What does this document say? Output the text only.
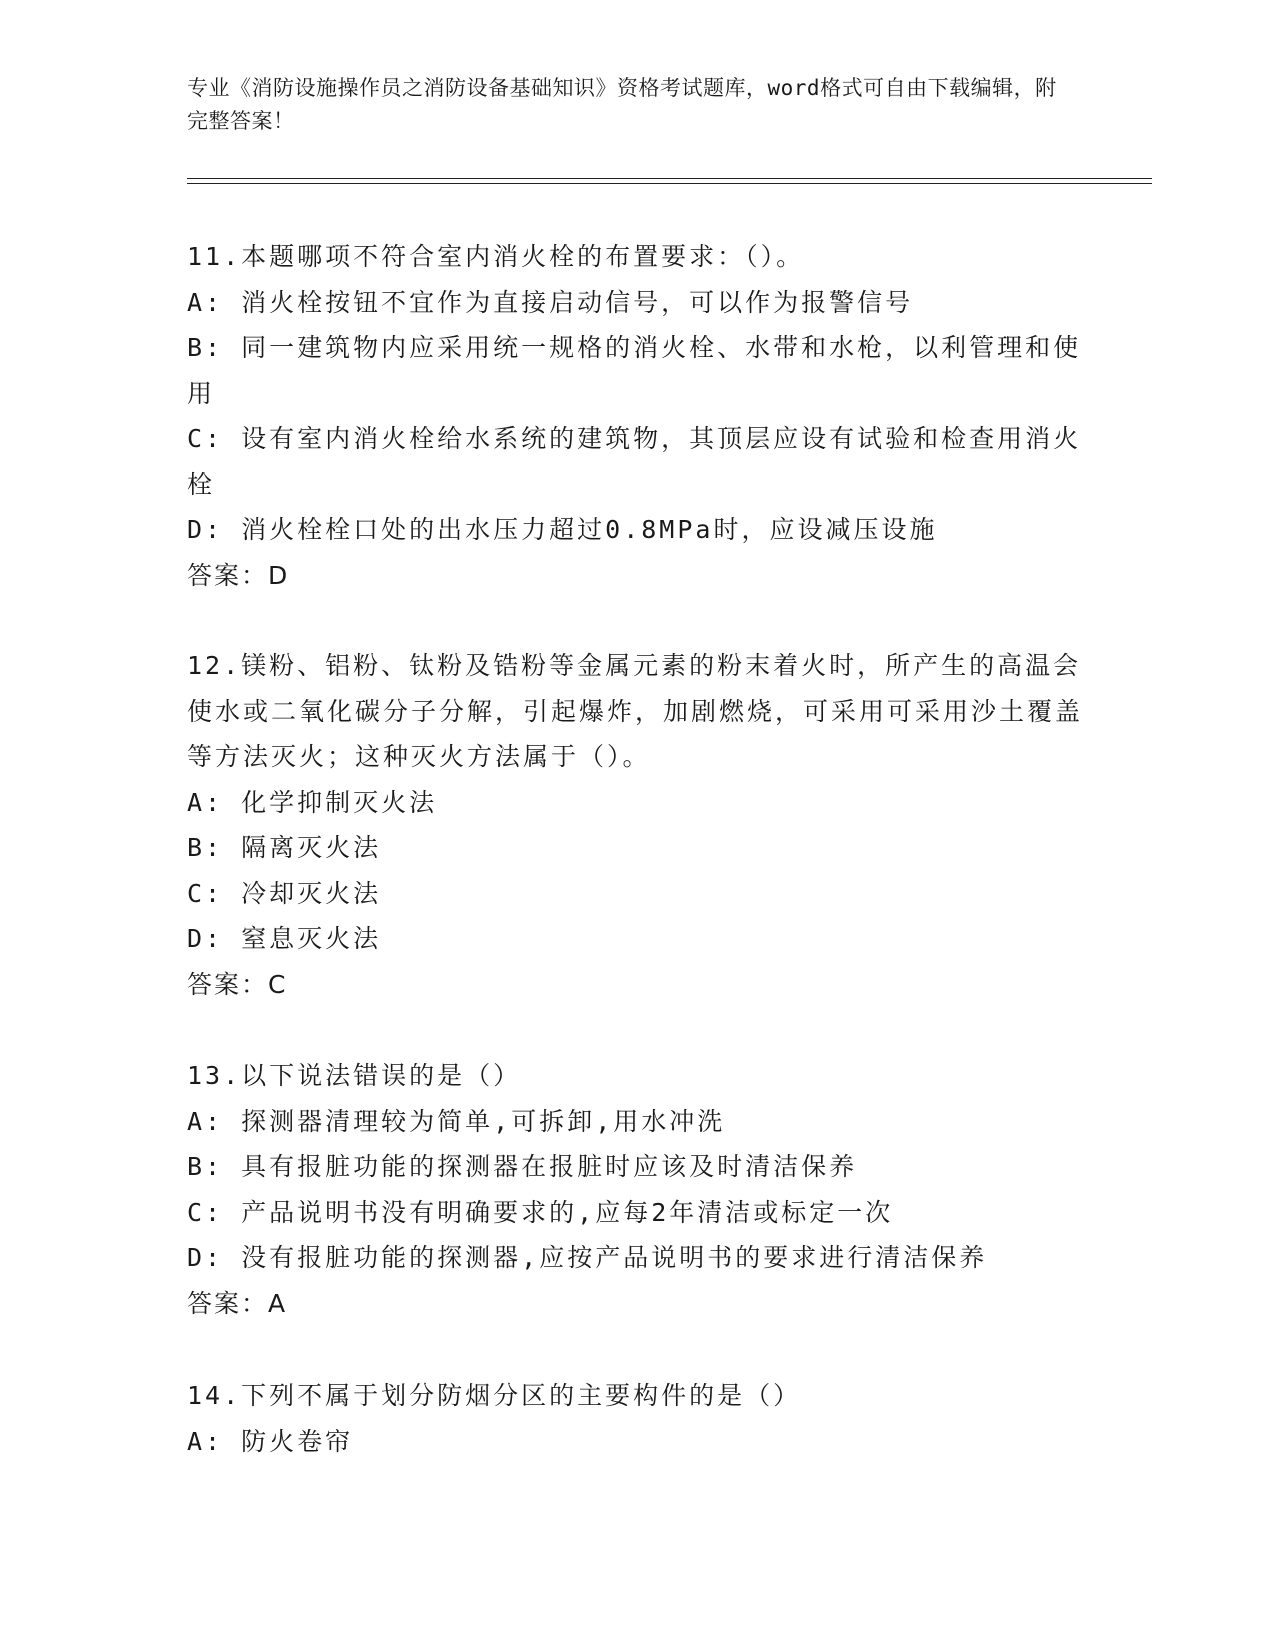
专业《消防设施操作员之消防设备基础知识》资格考试题库，word格式可自由下载编辑，附完整答案！

11.本题哪项不符合室内消火栓的布置要求：（）。

A: 消火栓按钮不宜作为直接启动信号，可以作为报警信号

B: 同一建筑物内应采用统一规格的消火栓、水带和水枪，以利管理和使用

C: 设有室内消火栓给水系统的建筑物，其顶层应设有试验和检查用消火栓

D: 消火栓栓口处的出水压力超过0.8MPa时，应设减压设施

答案：D

12.镁粉、铝粉、钛粉及锆粉等金属元素的粉末着火时，所产生的高温会使水或二氧化碳分子分解，引起爆炸，加剧燃烧，可采用可采用沙土覆盖等方法灭火；这种灭火方法属于（）。

A: 化学抑制灭火法

B: 隔离灭火法

C: 冷却灭火法

D: 窒息灭火法

答案：C

13.以下说法错误的是（）

A: 探测器清理较为简单,可拆卸,用水冲洗

B: 具有报脏功能的探测器在报脏时应该及时清洁保养

C: 产品说明书没有明确要求的,应每2年清洁或标定一次

D: 没有报脏功能的探测器,应按产品说明书的要求进行清洁保养

答案：A

14.下列不属于划分防烟分区的主要构件的是（）

A: 防火卷帘
